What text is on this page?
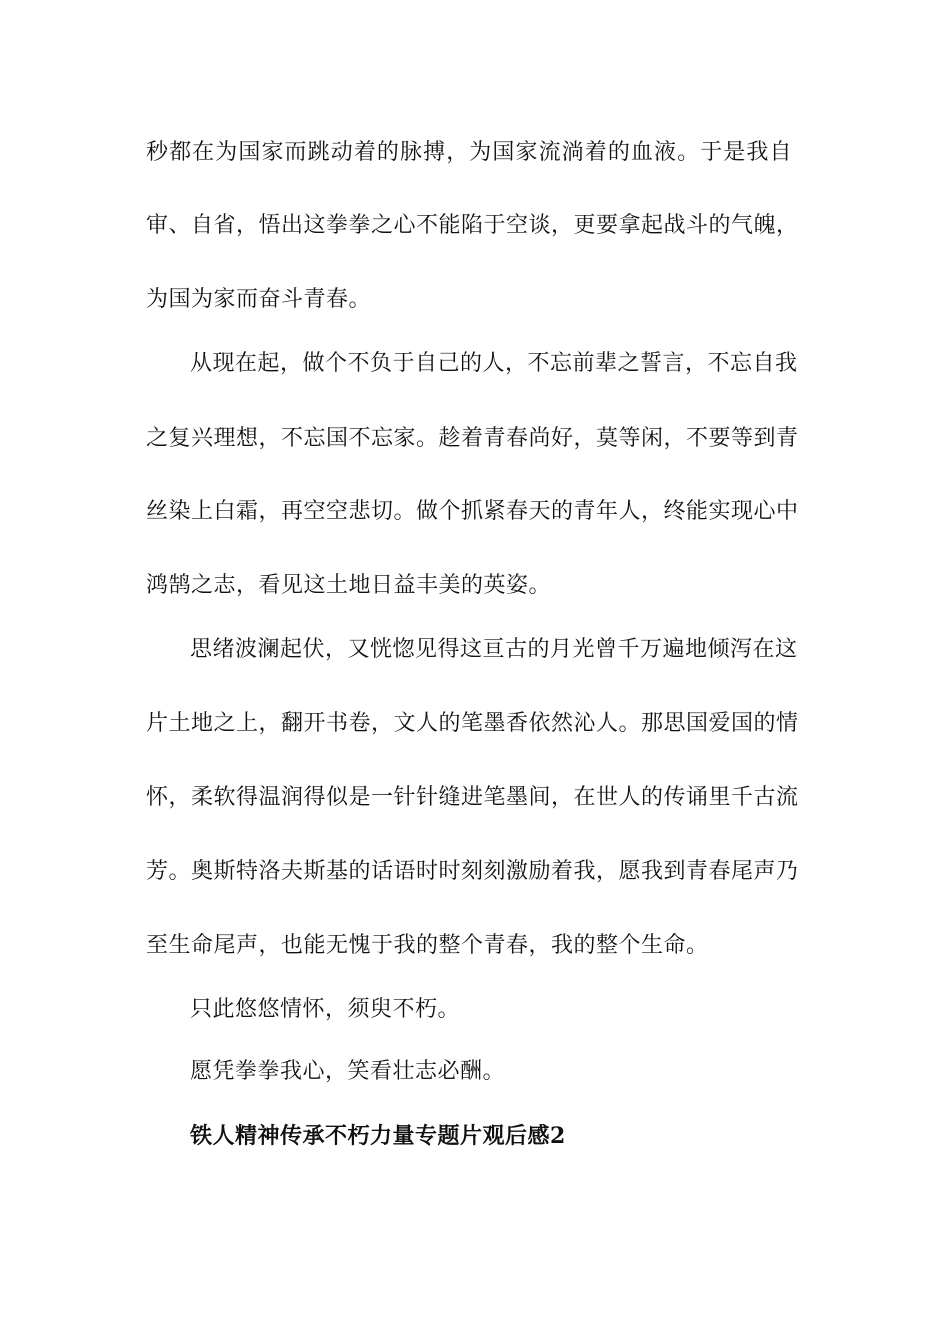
秒都在为国家而跳动着的脉搏，为国家流淌着的血液。于是我自
审、自省，悟出这拳拳之心不能陷于空谈，更要拿起战斗的气魄，
为国为家而奋斗青春。
从现在起，做个不负于自己的人，不忘前辈之誓言，不忘自我
之复兴理想，不忘国不忘家。趁着青春尚好，莫等闲，不要等到青
丝染上白霜，再空空悲切。做个抓紧春天的青年人，终能实现心中
鸿鹄之志，看见这土地日益丰美的英姿。
思绪波澜起伏，又恍惚见得这亘古的月光曾千万遍地倾泻在这
片土地之上，翻开书卷，文人的笔墨香依然沁人。那思国爱国的情
怀，柔软得温润得似是一针针缝进笔墨间，在世人的传诵里千古流
芳。奥斯特洛夫斯基的话语时时刻刻激励着我，愿我到青春尾声乃
至生命尾声，也能无愧于我的整个青春，我的整个生命。
只此悠悠情怀，须臾不朽。
愿凭拳拳我心，笑看壮志必酬。
铁人精神传承不朽力量专题片观后感2
